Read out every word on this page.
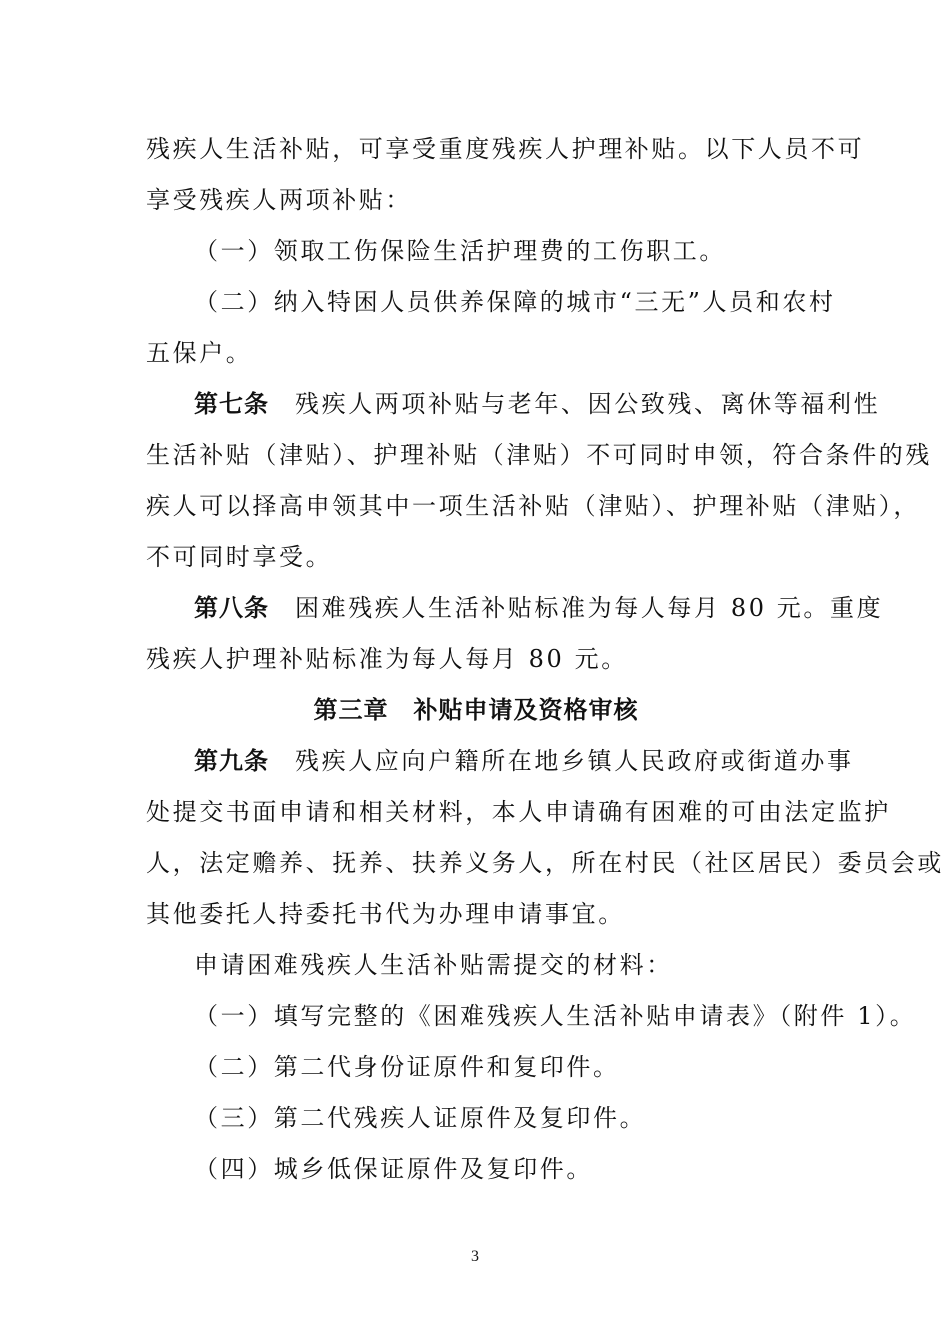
残疾人生活补贴，可享受重度残疾人护理补贴。以下人员不可
享受残疾人两项补贴：
（一）领取工伤保险生活护理费的工伤职工。
（二）纳入特困人员供养保障的城市“三无”人员和农村
五保户。
第七条 残疾人两项补贴与老年、因公致残、离休等福利性
生活补贴（津贴）、护理补贴（津贴）不可同时申领，符合条件的残
疾人可以择高申领其中一项生活补贴（津贴）、护理补贴（津贴），
不可同时享受。
第八条 困难残疾人生活补贴标准为每人每月 80 元。重度
残疾人护理补贴标准为每人每月 80 元。
第三章　补贴申请及资格审核
第九条 残疾人应向户籍所在地乡镇人民政府或街道办事
处提交书面申请和相关材料，本人申请确有困难的可由法定监护
人，法定赡养、抚养、扶养义务人，所在村民（社区居民）委员会或
其他委托人持委托书代为办理申请事宜。
申请困难残疾人生活补贴需提交的材料：
（一）填写完整的《困难残疾人生活补贴申请表》（附件 1）。
（二）第二代身份证原件和复印件。
（三）第二代残疾人证原件及复印件。
（四）城乡低保证原件及复印件。
3
